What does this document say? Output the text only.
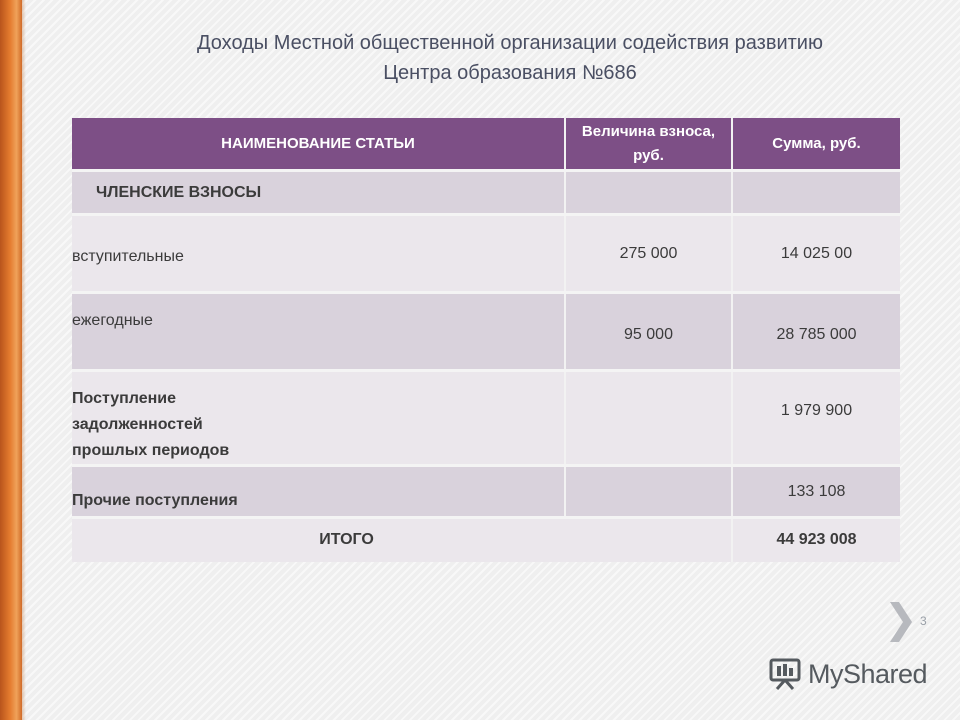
Доходы Местной общественной организации содействия развитию
Центра образования №686
НАИМЕНОВАНИЕ СТАТЬИ	Величина взноса, руб.	Сумма, руб.
ЧЛЕНСКИЕ ВЗНОСЫ		
вступительные	275 000	14 025 00
ежегодные	95 000	28 785 000
Поступление задолженностей прошлых периодов		1 979 900
Прочие поступления		133 108
ИТОГО		44 923 008
3
MyShared
